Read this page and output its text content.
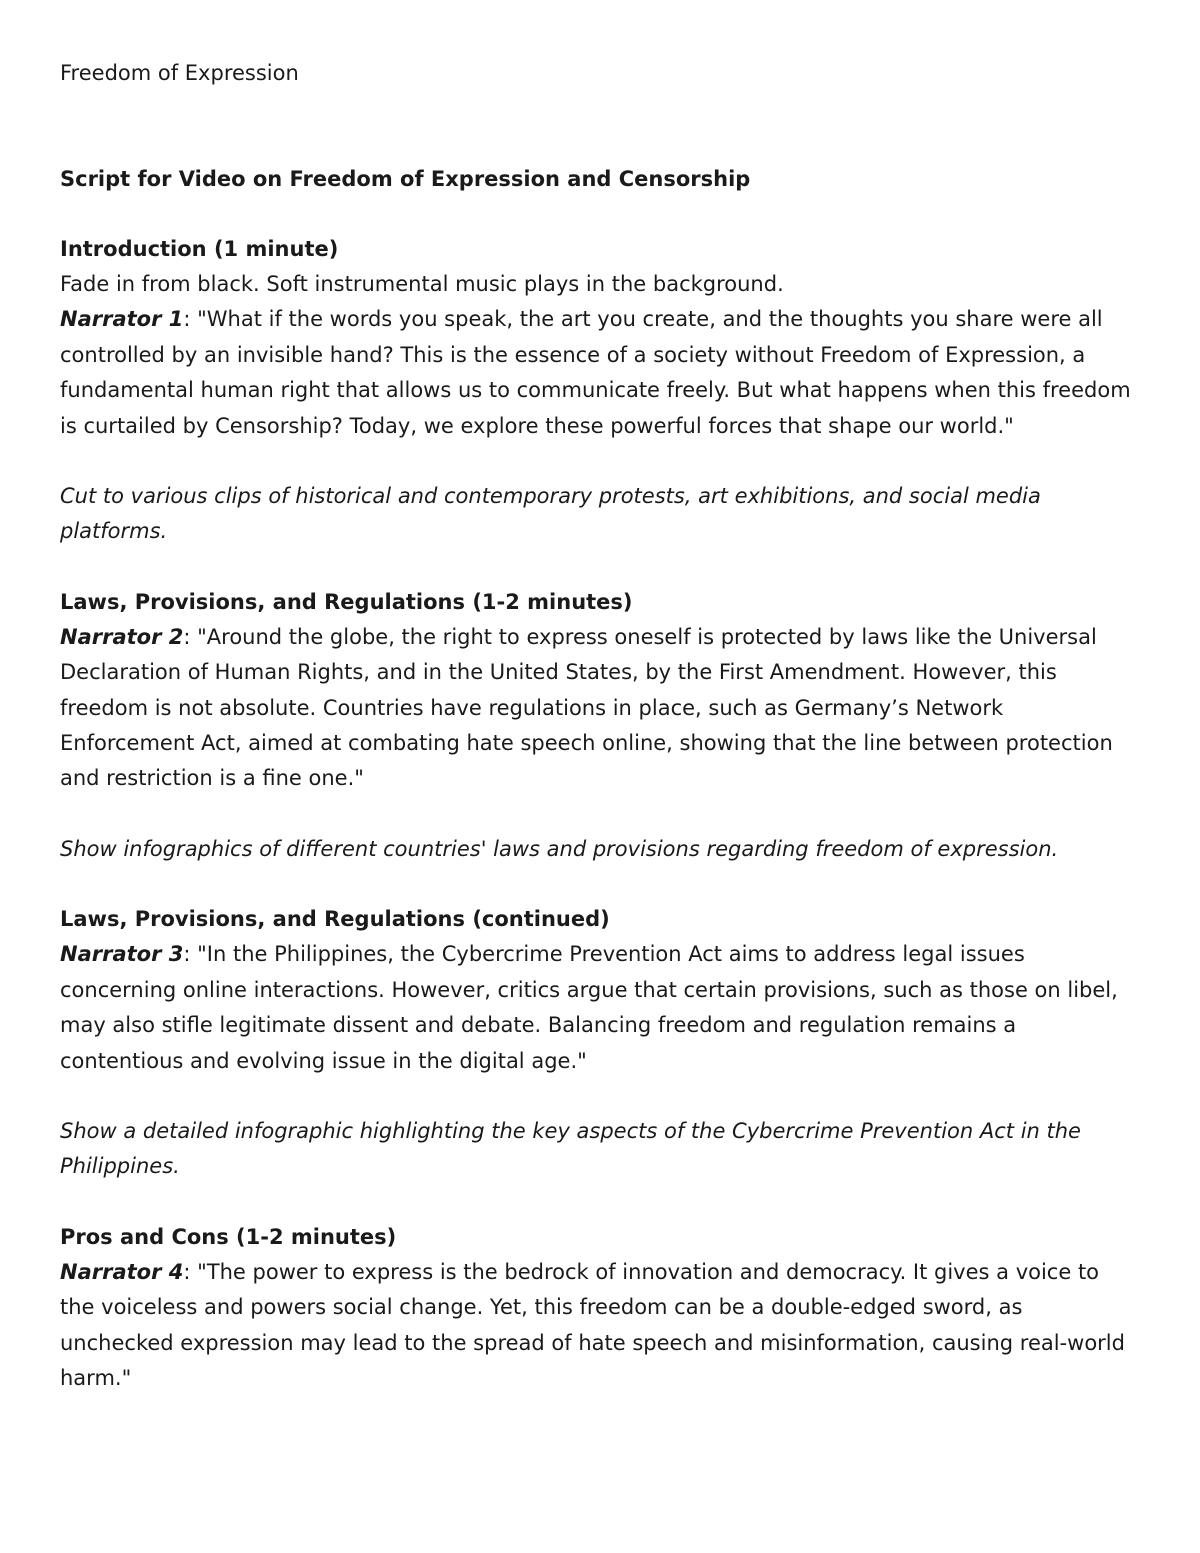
Freedom of Expression

Script for Video on Freedom of Expression and Censorship

Introduction (1 minute)

Fade in from black. Soft instrumental music plays in the background.

Narrator 1: "What if the words you speak, the art you create, and the thoughts you share were all controlled by an invisible hand? This is the essence of a society without Freedom of Expression, a fundamental human right that allows us to communicate freely. But what happens when this freedom is curtailed by Censorship? Today, we explore these powerful forces that shape our world."

Cut to various clips of historical and contemporary protests, art exhibitions, and social media platforms.

Laws, Provisions, and Regulations (1-2 minutes)

Narrator 2: "Around the globe, the right to express oneself is protected by laws like the Universal Declaration of Human Rights, and in the United States, by the First Amendment. However, this freedom is not absolute. Countries have regulations in place, such as Germany’s Network Enforcement Act, aimed at combating hate speech online, showing that the line between protection and restriction is a fine one."

Show infographics of different countries' laws and provisions regarding freedom of expression.

Laws, Provisions, and Regulations (continued)

Narrator 3: "In the Philippines, the Cybercrime Prevention Act aims to address legal issues concerning online interactions. However, critics argue that certain provisions, such as those on libel, may also stifle legitimate dissent and debate. Balancing freedom and regulation remains a contentious and evolving issue in the digital age."

Show a detailed infographic highlighting the key aspects of the Cybercrime Prevention Act in the Philippines.

Pros and Cons (1-2 minutes)

Narrator 4: "The power to express is the bedrock of innovation and democracy. It gives a voice to the voiceless and powers social change. Yet, this freedom can be a double-edged sword, as unchecked expression may lead to the spread of hate speech and misinformation, causing real-world harm."
